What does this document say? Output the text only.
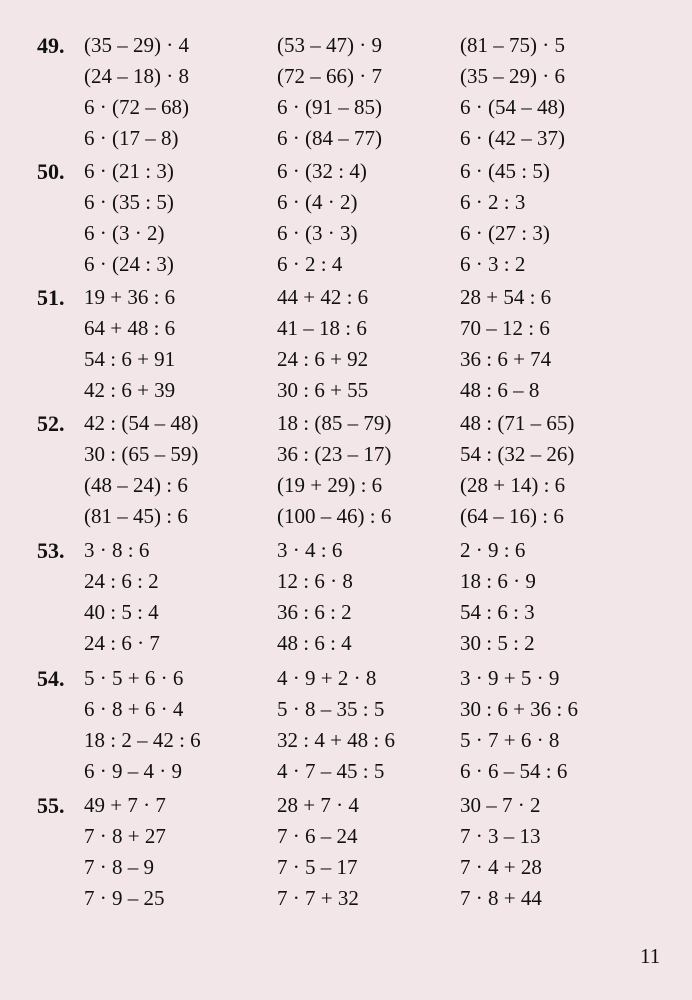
49. (35 – 29) · 4
(24 – 18) · 8
6 · (72 – 68)
6 · (17 – 8)
(53 – 47) · 9
(72 – 66) · 7
6 · (91 – 85)
6 · (84 – 77)
(81 – 75) · 5
(35 – 29) · 6
6 · (54 – 48)
6 · (42 – 37)
50. 6 · (21 : 3)
6 · (35 : 5)
6 · (3 · 2)
6 · (24 : 3)
6 · (32 : 4)
6 · (4 · 2)
6 · (3 · 3)
6 · 2 : 4
6 · (45 : 5)
6 · 2 : 3
6 · (27 : 3)
6 · 3 : 2
51. 19 + 36 : 6
64 + 48 : 6
54 : 6 + 91
42 : 6 + 39
44 + 42 : 6
41 – 18 : 6
24 : 6 + 92
30 : 6 + 55
28 + 54 : 6
70 – 12 : 6
36 : 6 + 74
48 : 6 – 8
52. 42 : (54 – 48)
30 : (65 – 59)
(48 – 24) : 6
(81 – 45) : 6
18 : (85 – 79)
36 : (23 – 17)
(19 + 29) : 6
(100 – 46) : 6
48 : (71 – 65)
54 : (32 – 26)
(28 + 14) : 6
(64 – 16) : 6
53. 3 · 8 : 6
24 : 6 : 2
40 : 5 : 4
24 : 6 · 7
3 · 4 : 6
12 : 6 · 8
36 : 6 : 2
48 : 6 : 4
2 · 9 : 6
18 : 6 · 9
54 : 6 : 3
30 : 5 : 2
54. 5 · 5 + 6 · 6
6 · 8 + 6 · 4
18 : 2 – 42 : 6
6 · 9 – 4 · 9
4 · 9 + 2 · 8
5 · 8 – 35 : 5
32 : 4 + 48 : 6
4 · 7 – 45 : 5
3 · 9 + 5 · 9
30 : 6 + 36 : 6
5 · 7 + 6 · 8
6 · 6 – 54 : 6
55. 49 + 7 · 7
7 · 8 + 27
7 · 8 – 9
7 · 9 – 25
28 + 7 · 4
7 · 6 – 24
7 · 5 – 17
7 · 7 + 32
30 – 7 · 2
7 · 3 – 13
7 · 4 + 28
7 · 8 + 44
11
